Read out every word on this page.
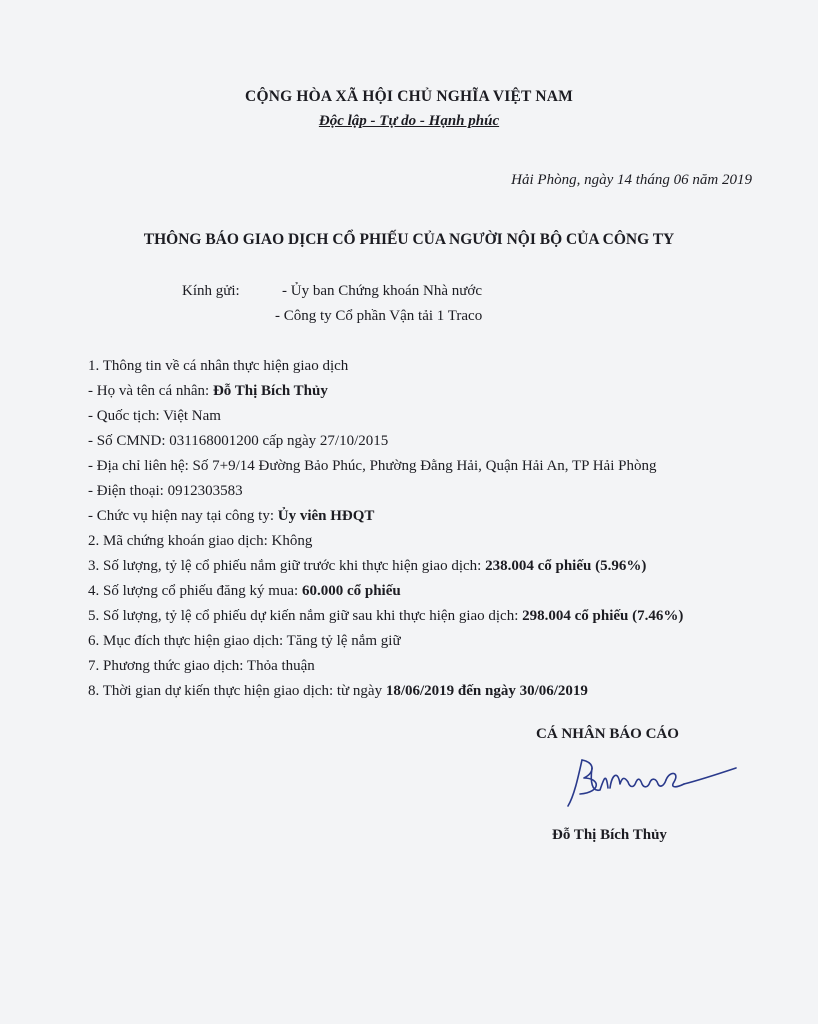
CỘNG HÒA XÃ HỘI CHỦ NGHĨA VIỆT NAM
Độc lập - Tự do - Hạnh phúc
Hải Phòng, ngày 14 tháng 06 năm 2019
THÔNG BÁO GIAO DỊCH CỔ PHIẾU CỦA NGƯỜI NỘI BỘ CỦA CÔNG TY
Kính gửi:	- Ủy ban Chứng khoán Nhà nước
- Công ty Cổ phần Vận tải 1 Traco
1. Thông tin về cá nhân thực hiện giao dịch
- Họ và tên cá nhân: Đỗ Thị Bích Thủy
- Quốc tịch: Việt Nam
- Số CMND: 031168001200 cấp ngày 27/10/2015
- Địa chỉ liên hệ: Số 7+9/14 Đường Bảo Phúc, Phường Đằng Hải, Quận Hải An, TP Hải Phòng
- Điện thoại: 0912303583
- Chức vụ hiện nay tại công ty: Ủy viên HĐQT
2. Mã chứng khoán giao dịch: Không
3. Số lượng, tỷ lệ cổ phiếu nắm giữ trước khi thực hiện giao dịch: 238.004 cổ phiếu (5.96%)
4. Số lượng cổ phiếu đăng ký mua: 60.000 cổ phiếu
5. Số lượng, tỷ lệ cổ phiếu dự kiến nắm giữ sau khi thực hiện giao dịch: 298.004 cổ phiếu (7.46%)
6. Mục đích thực hiện giao dịch: Tăng tỷ lệ nắm giữ
7. Phương thức giao dịch: Thỏa thuận
8. Thời gian dự kiến thực hiện giao dịch: từ ngày 18/06/2019 đến ngày 30/06/2019
CÁ NHÂN BÁO CÁO
Đỗ Thị Bích Thủy
